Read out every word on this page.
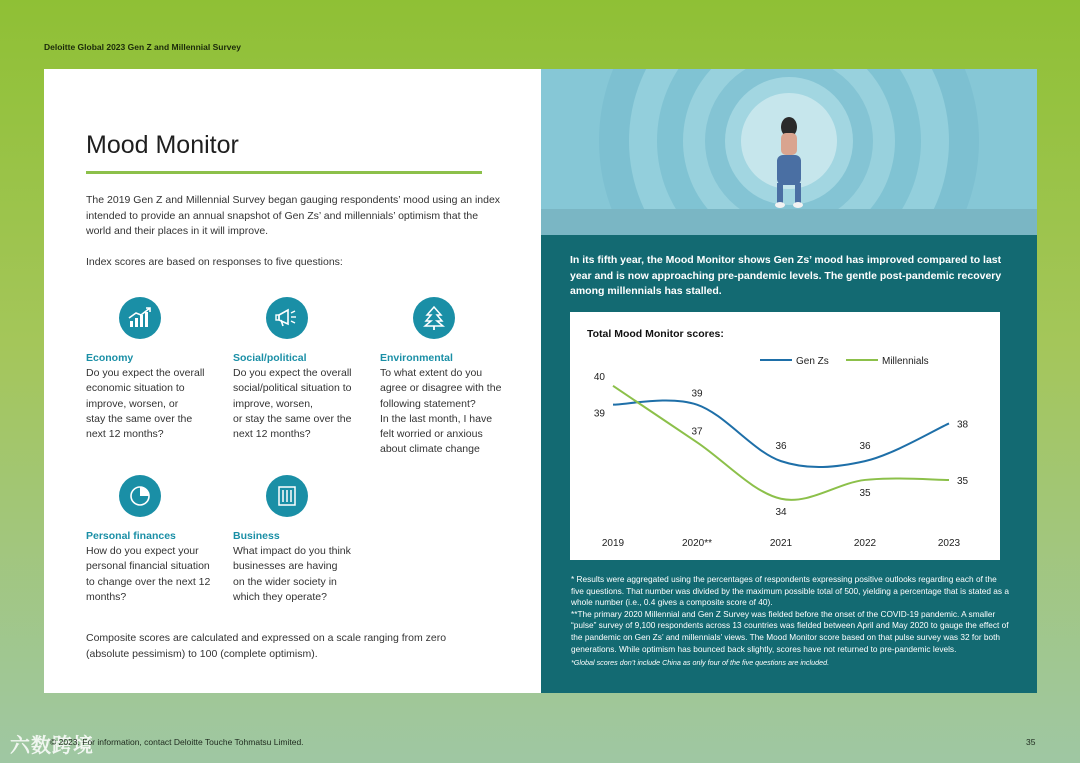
Deloitte Global 2023 Gen Z and Millennial Survey
Mood Monitor
The 2019 Gen Z and Millennial Survey began gauging respondents’ mood using an index intended to provide an annual snapshot of Gen Zs’ and millennials’ optimism that the world and their places in it will improve.
Index scores are based on responses to five questions:
Economy
Do you expect the overall
economic situation to
improve, worsen, or
stay the same over the
next 12 months?
Social/political
Do you expect the overall
social/political situation to
improve, worsen,
or stay the same over the
next 12 months?
Environmental
To what extent do you
agree or disagree with the
following statement?
In the last month, I have
felt worried or anxious
about climate change
Personal finances
How do you expect your
personal financial situation
to change over the next 12
months?
Business
What impact do you think
businesses are having
on the wider society in
which they operate?
Composite scores are calculated and expressed on a scale ranging from zero (absolute pessimism) to 100 (complete optimism).
In its fifth year, the Mood Monitor shows Gen Zs’ mood has improved compared to last year and is now approaching pre-pandemic levels. The gentle post-pandemic recovery among millennials has stalled.
Total Mood Monitor scores:
2019	2020**	2021	2022	2023
39
39
36	36
38
40
37
34
35
35
Gen Zs	Millennials

* Results were aggregated using the percentages of respondents expressing positive outlooks regarding each of the five questions. That number was divided by the maximum possible total of 500, yielding a percentage that is stated as a whole number (i.e., 0.4 gives a composite score of 40).

**The primary 2020 Millennial and Gen Z Survey was fielded before the onset of the COVID-19 pandemic. A smaller “pulse” survey of 9,100 respondents across 13 countries was fielded between April and May 2020 to gauge the effect of the pandemic on Gen Zs’ and millennials’ views. The Mood Monitor score based on that pulse survey was 32 for both generations. While optimism has bounced back slightly, scores have not returned to pre-pandemic levels.

*Global scores don’t include China as only four of the five questions are included.

六数跨境
© 2023. For information, contact Deloitte Touche Tohmatsu Limited.	35
